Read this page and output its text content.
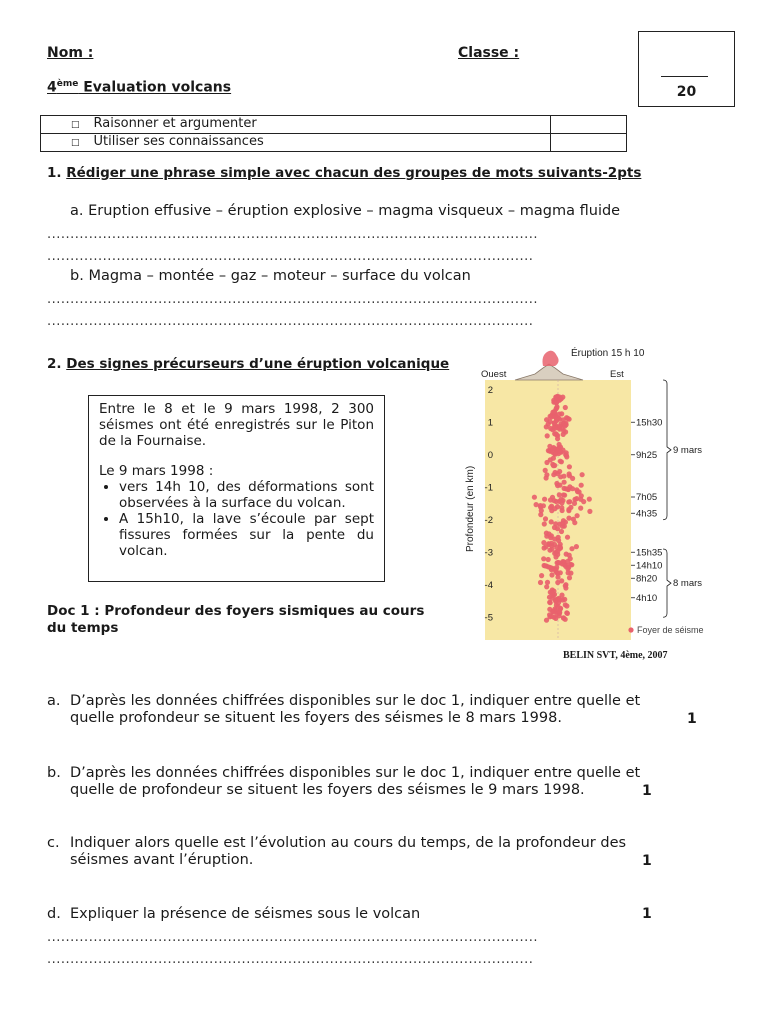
Nom :	Classe :
4ème Evaluation volcans	20
□ Raisonner et argumenter	
□ Utiliser ses connaissances	
1. Rédiger une phrase simple avec chacun des groupes de mots suivants-2pts
a. Eruption effusive – éruption explosive – magma visqueux – magma fluide
..........................................................................................................
.........................................................................................................
b. Magma – montée – gaz – moteur – surface du volcan
..........................................................................................................
.........................................................................................................
2. Des signes précurseurs d’une éruption volcanique

Entre le 8 et le 9 mars 1998, 2 300 séismes ont été enregistrés sur le Piton de la Fournaise.

Le 9 mars 1998 :

• vers 14h 10, des déformations sont observées à la surface du volcan.
• A 15h10, la lave s’écoule par sept fissures formées sur la pente du volcan.
Doc 1 : Profondeur des foyers sismiques au cours du temps
Éruption 15 h 10
Ouest	Est
Profondeur (en km)
2
1
0
-1
-2
-3
-4
-5
15h30
9h25
7h05
4h35
15h35
14h10
8h20
4h10
9 mars
8 mars
Foyer de séisme
BELIN SVT, 4ème, 2007
a. D’après les données chiffrées disponibles sur le doc 1, indiquer entre quelle et quelle profondeur se situent les foyers des séismes le 8 mars 1998.	1
b. D’après les données chiffrées disponibles sur le doc 1, indiquer entre quelle et quelle de profondeur se situent les foyers des séismes le 9 mars 1998.	1
c. Indiquer alors quelle est l’évolution au cours du temps, de la profondeur des séismes avant l’éruption.	1
d. Expliquer la présence de séismes sous le volcan	1
..........................................................................................................
.........................................................................................................
